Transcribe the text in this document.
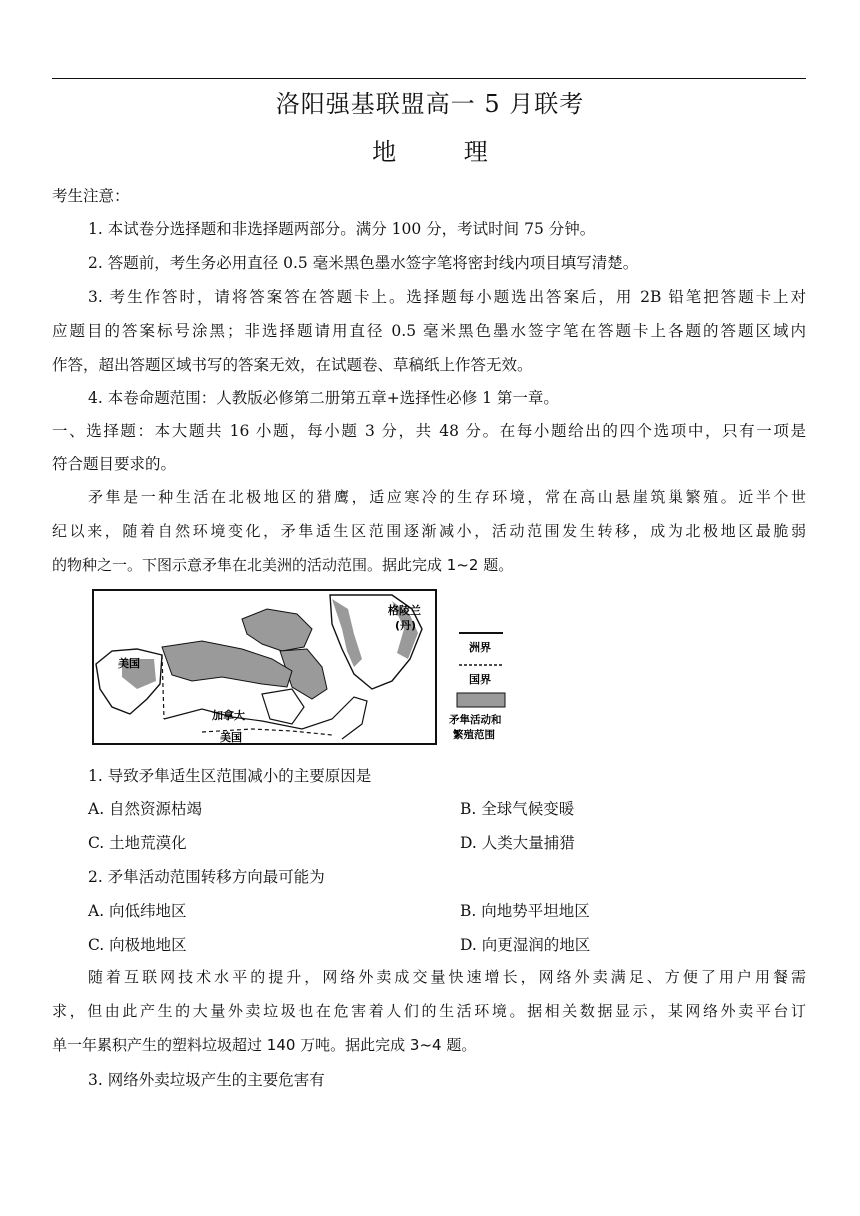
洛阳强基联盟高一 5 月联考
地 理
考生注意：
1. 本试卷分选择题和非选择题两部分。满分 100 分，考试时间 75 分钟。
2. 答题前，考生务必用直径 0.5 毫米黑色墨水签字笔将密封线内项目填写清楚。
3. 考生作答时，请将答案答在答题卡上。选择题每小题选出答案后，用 2B 铅笔把答题卡上对
应题目的答案标号涂黑；非选择题请用直径 0.5 毫米黑色墨水签字笔在答题卡上各题的答题区域内
作答，超出答题区域书写的答案无效，在试题卷、草稿纸上作答无效。
4. 本卷命题范围：人教版必修第二册第五章+选择性必修 1 第一章。
一、选择题：本大题共 16 小题，每小题 3 分，共 48 分。在每小题给出的四个选项中，只有一项是
符合题目要求的。
矛隼是一种生活在北极地区的猎鹰，适应寒冷的生存环境，常在高山悬崖筑巢繁殖。近半个世
纪以来，随着自然环境变化，矛隼适生区范围逐渐减小，活动范围发生转移，成为北极地区最脆弱
的物种之一。下图示意矛隼在北美洲的活动范围。据此完成 1~2 题。
格陵兰
(丹)
美国
加拿大
美国
洲界
国界
矛隼活动和
繁殖范围
1. 导致矛隼适生区范围减小的主要原因是
A. 自然资源枯竭	B. 全球气候变暖
C. 土地荒漠化	D. 人类大量捕猎
2. 矛隼活动范围转移方向最可能为
A. 向低纬地区	B. 向地势平坦地区
C. 向极地地区	D. 向更湿润的地区
随着互联网技术水平的提升，网络外卖成交量快速增长，网络外卖满足、方便了用户用餐需
求，但由此产生的大量外卖垃圾也在危害着人们的生活环境。据相关数据显示，某网络外卖平台订
单一年累积产生的塑料垃圾超过 140 万吨。据此完成 3~4 题。
3. 网络外卖垃圾产生的主要危害有
